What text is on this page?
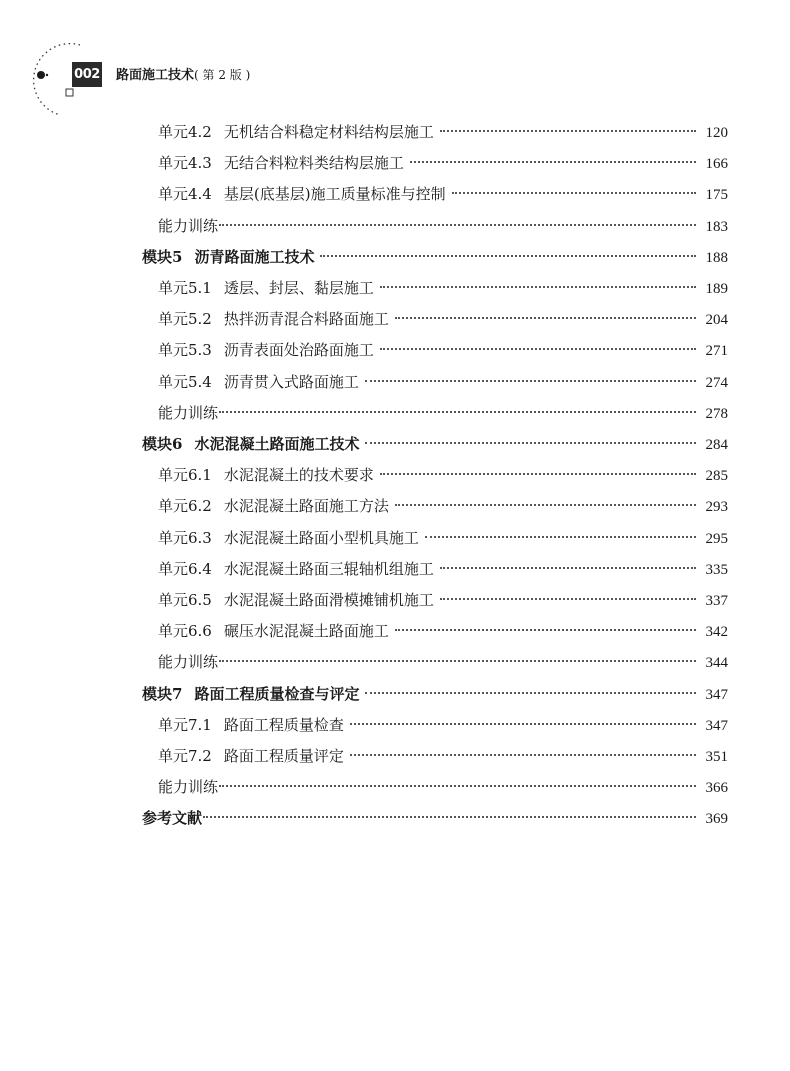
002 路面施工技术( 第 2 版 )
单元4.2 无机结合料稳定材料结构层施工	120
单元4.3 无结合料粒料类结构层施工	166
单元4.4 基层(底基层)施工质量标准与控制	175
能力训练	183
模块5 沥青路面施工技术	188
单元5.1 透层、封层、黏层施工	189
单元5.2 热拌沥青混合料路面施工	204
单元5.3 沥青表面处治路面施工	271
单元5.4 沥青贯入式路面施工	274
能力训练	278
模块6 水泥混凝土路面施工技术	284
单元6.1 水泥混凝土的技术要求	285
单元6.2 水泥混凝土路面施工方法	293
单元6.3 水泥混凝土路面小型机具施工	295
单元6.4 水泥混凝土路面三辊轴机组施工	335
单元6.5 水泥混凝土路面滑模摊铺机施工	337
单元6.6 碾压水泥混凝土路面施工	342
能力训练	344
模块7 路面工程质量检查与评定	347
单元7.1 路面工程质量检查	347
单元7.2 路面工程质量评定	351
能力训练	366
参考文献	369
